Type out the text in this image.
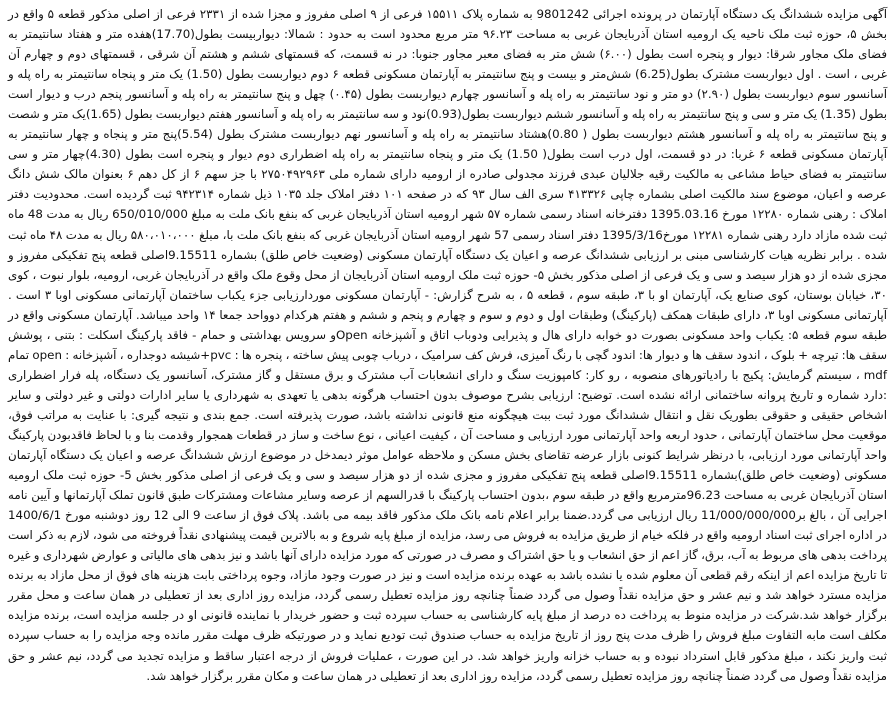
آگهی مزایده ششدانگ یک دستگاه آپارتمان در پرونده اجرائی 9801242 به شماره پلاک ۱۵۵۱۱ فرعی از ۹ اصلی مفروز و مجزا شده از ۲۳۳۱ فرعی از اصلی مذکور قطعه ۵ واقع در بخش ۵، حوزه ثبت ملک ناحیه یک ارومیه استان آذربایجان غربی به مساحت ۹۶.۲۳ متر مربع محدود است به حدود : شمالا: دیواربیست بطول(17.70)هفده متر و هفتاد سانتیمتر به فضای ملک مجاور شرقا: دیوار و پنجره است بطول (۶.۰۰) شش متر به فضای معبر مجاور جنوبا: در نه قسمت، که قسمتهای ششم و هشتم آن شرقی ، قسمتهای دوم و چهارم آن غربی ، است . اول دیواربست مشترک بطول(6.25) شش‌متر و بیست و پنج سانتیمتر به آپارتمان مسکونی قطعه ۶ دوم دیواربست بطول (1.50) یک متر و پنجاه سانتیمتر به راه پله و آسانسور سوم دیواربست بطول (۲.۹۰) دو متر و نود سانتیمتر به راه پله و آسانسور چهارم دیواربست بطول (۰.۴۵) چهل و پنج سانتیمتر به راه پله و آسانسور پنجم درب و دیوار است بطول (1.35) یک متر و سی و پنج سانتیمتر به راه پله و آسانسور ششم دیواربست بطول(0.93)نود و سه سانتیمتر به راه پله و آسانسور هفتم دیواربست بطول (1.65)یک متر و شصت و پنج سانتیمتر به راه پله و آسانسور هشتم دیواربست بطول ( 0.80)هشتاد سانتیمتر به راه پله و آسانسور نهم دیواربست مشترک بطول (5.54)پنج متر و پنجاه و چهار سانتیمتر به آپارتمان مسکونی قطعه ۶ غربا: در دو قسمت، اول درب است بطول( 1.50) یک متر و پنجاه سانتیمتر به راه پله اضطراری دوم دیوار و پنجره است بطول (4.30)چهار متر و سی سانتیمتر به فضای حیاط مشاعی به مالکیت رقیه جلالیان عبدی فرزند مجدولی صادره از ارومیه دارای شماره ملی ۲۷۵۰۴۹۲۹۶۳ با جز سهم ۶ از کل دهم ۶ بعنوان مالک شش دانگ عرصه و اعیان، موضوع سند مالکیت اصلی بشماره چاپی ۴۱۳۳۲۶ سری الف سال ۹۳ که در صفحه ۱۰۱ دفتر املاک جلد ۱۰۳۵ ذیل شماره ۹۴۲۳۱۴ ثبت گردیده است. محدودیت دفتر املاک : رهنی شماره ۱۲۲۸۰ مورخ 1395.03.16 دفترخانه اسناد رسمی شماره ۵۷ شهر ارومیه استان آذربایجان غربی که بنفع بانک ملت به مبلغ 650/010/000 ریال به مدت 48 ماه ثبت شده مازاد دارد رهنی شماره ۱۲۲۸۱ مورخ1395/3/16 دفتر اسناد رسمی 57 شهر ارومیه استان آذربایجان غربی که بنفع بانک ملت با، مبلغ ۵۸۰،۰۱۰،۰۰۰ ریال به مدت ۴۸ ماه ثبت شده . برابر نظریه هیات کارشناسی مبنی بر ارزیابی ششدانگ عرصه و اعیان یک دستگاه آپارتمان مسکونی (وضعیت خاص طلق) بشماره 9.15511اصلی قطعه پنج تفکیکی مفروز و مجزی شده از دو هزار سیصد و سی و یک فرعی از اصلی مذکور بخش ۵- حوزه ثبت ملک ارومیه استان آذربایجان از محل وقوع ملک واقع در آذربایجان غربی، ارومیه، بلوار نبوت ، کوی ۳۰، خیابان بوستان، کوی صنایع یک، آپارتمان او با ۳، طبقه سوم ، قطعه ۵ ، به شرح گزارش: - آپارتمان مسکونی موردارزیابی جزء یکباب ساختمان آپارتمانی مسکونی اوبا ۳ است . آپارتمانی مسکونی اوبا ۳، دارای طبقات همکف (پارکینگ) وطبقات اول و دوم و سوم و چهارم و پنجم و ششم و هفتم هرکدام دوواحد جمعا ۱۴ واحد میباشد. آپارتمان مسکونی واقع در طبقه سوم قطعه ۵: یکباب واحد مسکونی بصورت دو خوابه دارای هال و پذیرایی ودوباب اتاق و آشپزخانه Openو سرویس بهداشتی و حمام - فاقد پارکینگ اسکلت : بتنی ، پوشش سقف ها: تیرچه + بلوک ، اندود سقف ها و دیوار ها: اندود گچی با رنگ آمیزی، فرش کف سرامیک ، درباب چوبی پیش ساخته ، پنجره ها : pvc+شیشه دوجداره ، آشپزخانه : open تمام mdf ، سیستم گرمایش: پکیج با رادیاتورهای منصوبه ، رو کار: کامپوزیت سنگ و دارای انشعابات آب مشترک و برق مستقل و گاز مشترک، آسانسور یک دستگاه، پله فرار اضطراری :دارد شماره و تاریخ پروانه ساختمانی ارائه نشده است. توضیح: ارزیابی بشرح موصوف بدون احتساب هرگونه بدهی یا تعهدی به شهرداری یا سایر ادارات دولتی و غیر دولتی و سایر اشخاص حقیقی و حقوقی بطوریک نقل و انتقال ششدانگ مورد ثبت ببت هیچگونه منع قانونی نداشته باشد، صورت پذیرفته است. جمع بندی و نتیجه گیری: با عنایت به مراتب فوق، موقعیت محل ساختمان آپارتمانی ، حدود اربعه واحد آپارتمانی مورد ارزیابی و مساحت آن ، کیفیت اعیانی ، نوع ساخت و ساز در قطعات همجوار وقدمت بنا و با لحاظ فاقدبودن پارکینگ واحد آپارتمانی مورد ارزیابی، با درنظر شرایط کنونی بازار عرضه تقاضای بخش مسکن و ملاحظه عوامل موثر دیمدخل در موضوع ارزش ششدانگ عرصه و اعیان یک دستگاه آپارتمان مسکونی (وضعیت خاص طلق)بشماره 9.15511اصلی قطعه پنج تفکیکی مفروز و مجزی شده از دو هزار سیصد و سی و یک فرعی از اصلی مذکور بخش 5- حوزه ثبت ملک ارومیه استان آذربایجان غربی به مساحت 96.23مترمربع واقع در طبقه سوم ،بدون احتساب پارکینگ با قدرالسهم از عرصه وسایر مشاعات ومشترکات طبق قانون تملک آپارتمانها و آیین نامه اجرایی آن ، بالغ بر11/000/000/000 ریال ارزیابی می گردد.ضمنا برابر اعلام نامه بانک ملک مذکور فاقد بیمه می باشد. پلاک فوق از ساعت 9 الی 12 روز دوشنبه مورخ 1400/6/1 در اداره اجرای ثبت اسناد ارومیه واقع در فلکه خیام از طریق مزایده به فروش می رسد، مزایده از مبلغ پایه شروع و به بالاترین قیمت پیشنهادی نقداً فروخته می شود، لازم به ذکر است پرداخت بدهی های مربوط به آب، برق، گاز اعم از حق انشعاب و یا حق اشتراک و مصرف در صورتی که مورد مزایده دارای آنها باشد و نیز بدهی های مالیاتی و عوارض شهرداری و غیره تا تاریخ مزایده اعم از اینکه رقم قطعی آن معلوم شده یا نشده باشد به عهده برنده مزایده است و نیز در صورت وجود مازاد، وجوه پرداختی بابت هزینه های فوق از محل مازاد به برنده مزایده مسترد خواهد شد و نیم عشر و حق مزایده نقداً وصول می گردد ضمناً چنانچه روز مزایده تعطیل رسمی گردد، مزایده روز اداری بعد از تعطیلی در همان ساعت و محل مقرر برگزار خواهد شد.شرکت در مزایده منوط به پرداخت ده درصد از مبلغ پایه کارشناسی به حساب سپرده ثبت و حضور خریدار با نماینده قانونی او در جلسه مزایده است، برنده مزایده مکلف است مابه التفاوت مبلغ فروش را ظرف مدت پنج روز از تاریخ مزایده به حساب صندوق ثبت تودیع نماید و در صورتیکه ظرف مهلت مقرر مانده وجه مزایده را به حساب سپرده ثبت واریز نکند ، مبلغ مذکور قابل استرداد نبوده و به حساب خزانه واریز خواهد شد. در این صورت ، عملیات فروش از درجه اعتبار ساقط و مزایده تجدید می گردد، نیم عشر و حق مزایده نقداً وصول می گردد ضمناً چنانچه روز مزایده تعطیل رسمی گردد، مزایده روز اداری بعد از تعطیلی در همان ساعت و مکان مقرر برگزار خواهد شد.
